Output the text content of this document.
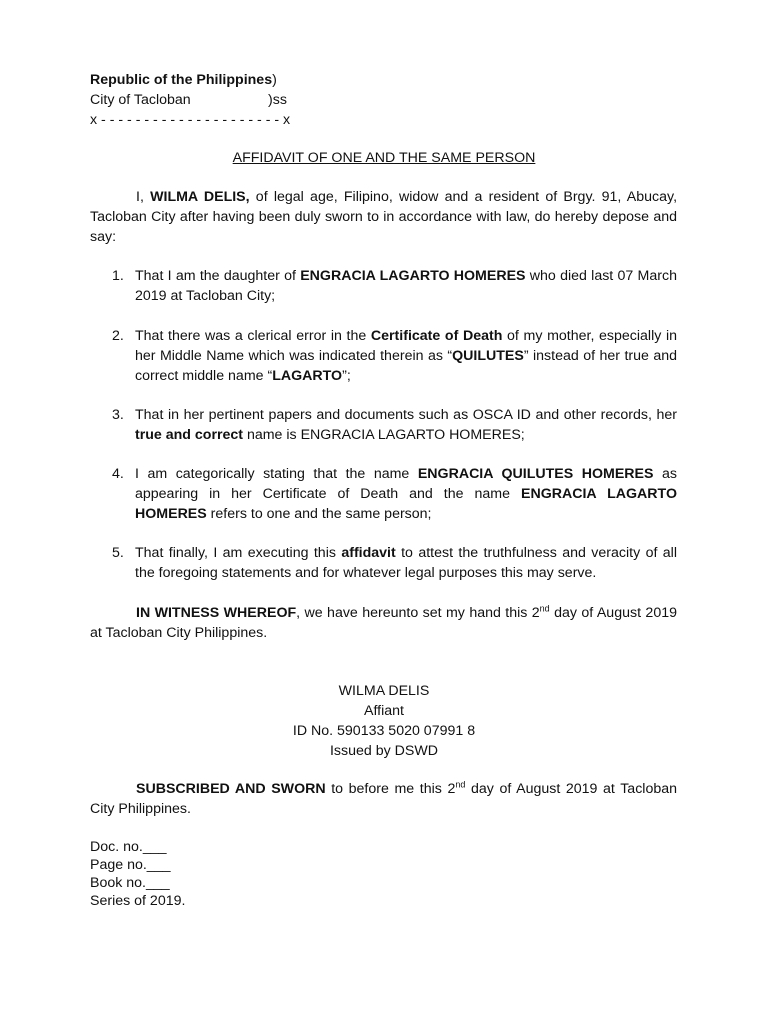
Republic of the Philippines)
City of Tacloban	)ss
x - - - - - - - - - - - - - - - - - - - - - x
AFFIDAVIT OF ONE AND THE SAME PERSON

I, WILMA DELIS, of legal age, Filipino, widow and a resident of Brgy. 91, Abucay, Tacloban City after having been duly sworn to in accordance with law, do hereby depose and say:

1. That I am the daughter of ENGRACIA LAGARTO HOMERES who died last 07 March 2019 at Tacloban City;
2. That there was a clerical error in the Certificate of Death of my mother, especially in her Middle Name which was indicated therein as “QUILUTES” instead of her true and correct middle name “LAGARTO”;
3. That in her pertinent papers and documents such as OSCA ID and other records, her true and correct name is ENGRACIA LAGARTO HOMERES;
4. I am categorically stating that the name ENGRACIA QUILUTES HOMERES as appearing in her Certificate of Death and the name ENGRACIA LAGARTO HOMERES refers to one and the same person;
5. That finally, I am executing this affidavit to attest the truthfulness and veracity of all the foregoing statements and for whatever legal purposes this may serve.

IN WITNESS WHEREOF, we have hereunto set my hand this 2nd day of August 2019 at Tacloban City Philippines.

WILMA DELIS
Affiant
ID No. 590133 5020 07991 8
Issued by DSWD

SUBSCRIBED AND SWORN to before me this 2nd day of August 2019 at Tacloban City Philippines.

Doc. no.___
Page no.___
Book no.___
Series of 2019.
